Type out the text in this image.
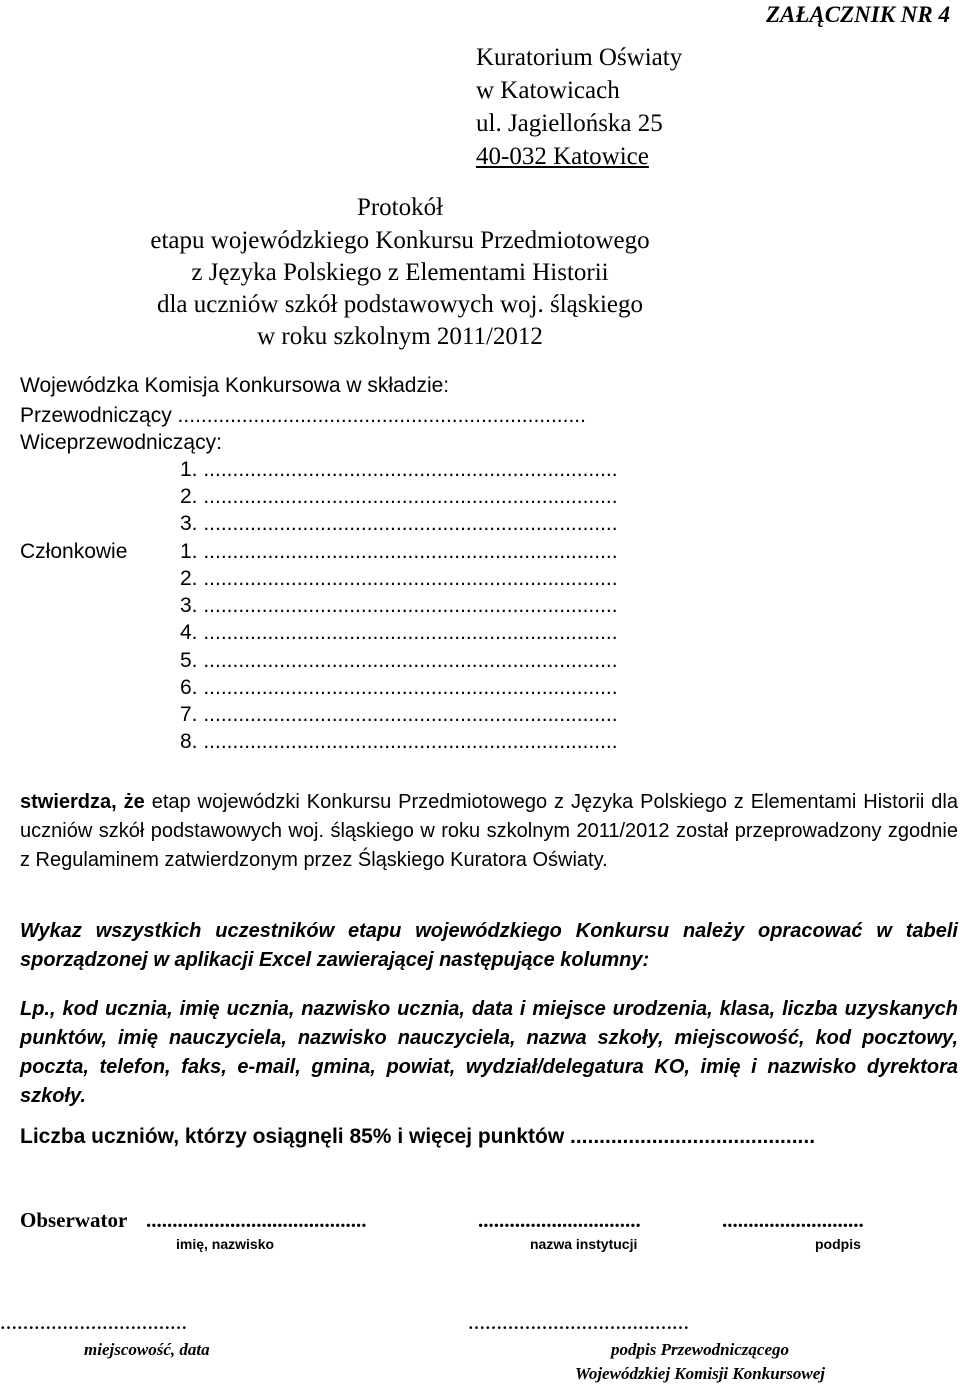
ZAŁĄCZNIK NR 4
Kuratorium Oświaty
w Katowicach
ul. Jagiellońska 25
40-032 Katowice
Protokół
etapu wojewódzkiego Konkursu Przedmiotowego
z Języka Polskiego z Elementami Historii
dla uczniów szkół podstawowych woj. śląskiego
w roku szkolnym 2011/2012
Wojewódzka Komisja Konkursowa w składzie:
Przewodniczący ......................................................................
Wiceprzewodniczący:
1. .......................................................................
2. .......................................................................
3. .......................................................................
Członkowie	1. .......................................................................
2. .......................................................................
3. .......................................................................
4. .......................................................................
5. .......................................................................
6. .......................................................................
7. .......................................................................
8. .......................................................................
stwierdza, że etap wojewódzki Konkursu Przedmiotowego z Języka Polskiego z Elementami Historii dla uczniów szkół podstawowych woj. śląskiego w roku szkolnym 2011/2012 został przeprowadzony zgodnie z Regulaminem zatwierdzonym przez Śląskiego Kuratora Oświaty.
Wykaz wszystkich uczestników etapu wojewódzkiego Konkursu należy opracować w tabeli sporządzonej w aplikacji Excel zawierającej następujące kolumny:
Lp., kod ucznia, imię ucznia, nazwisko ucznia, data i miejsce urodzenia, klasa, liczba uzyskanych punktów, imię nauczyciela, nazwisko nauczyciela, nazwa szkoły, miejscowość, kod pocztowy, poczta, telefon, faks, e-mail, gmina, powiat, wydział/delegatura KO, imię i nazwisko dyrektora szkoły.
Liczba uczniów, którzy osiągnęli 85% i więcej punktów ..........................................
Obserwator ..........................................	...............................	...........................
imię, nazwisko	nazwa instytucji	podpis
……………………………	…………………………………
miejscowość, data	podpis Przewodniczącego
Wojewódzkiej Komisji Konkursowej
